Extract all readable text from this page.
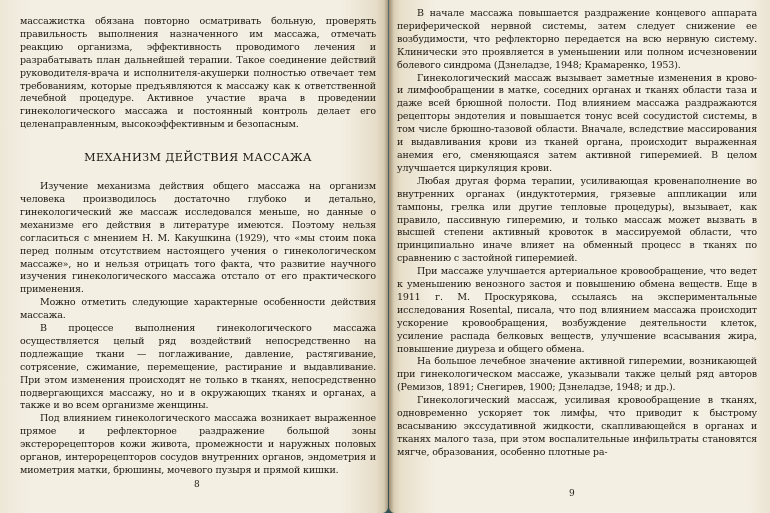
массажистка обязана повторно осматривать больную, проверять правильность выполнения назначенного им массажа, отмечать реакцию организма, эффективность проводимого лечения и разрабатывать план дальнейшей терапии. Такое соединение действий руководителя-врача и исполнителя-акушерки полностью отвечает тем требованиям, которые предъявляются к массажу как к ответственной лечебной процедуре. Активное участие врача в проведении гинекологического массажа и постоянный контроль делает его целенаправленным, высокоэффективным и безопасным.

МЕХАНИЗМ ДЕЙСТВИЯ МАССАЖА

Изучение механизма действия общего массажа на организм человека производилось достаточно глубоко и детально, гинекологический же массаж исследовался меньше, но данные о механизме его действия в литературе имеются. Поэтому нельзя согласиться с мнением Н. М. Какушкина (1929), что «мы стоим пока перед полным отсутствием настоящего учения о гинекологическом массаже», но и нельзя отрицать того факта, что развитие научного изучения гинекологического массажа отстало от его практического применения.

Можно отметить следующие характерные особенности действия массажа.

В процессе выполнения гинекологического массажа осуществляется целый ряд воздействий непосредственно на подлежащие ткани — поглаживание, давление, растягивание, сотрясение, сжимание, перемещение, растирание и выдавливание. При этом изменения происходят не только в тканях, непосредственно подвергающихся массажу, но и в окружающих тканях и органах, а также и во всем организме женщины.

Под влиянием гинекологического массажа возникает выраженное прямое и рефлекторное раздражение большой зоны экстерорецепторов кожи живота, промежности и наружных половых органов, интерорецепторов сосудов внутренних органов, эндометрия и миометрия матки, брюшины, мочевого пузыря и прямой кишки.

8

В начале массажа повышается раздражение концевого аппарата периферической нервной системы, затем следует снижение ее возбудимости, что рефлекторно передается на всю нервную систему. Клинически это проявляется в уменьшении или полном исчезновении болевого синдрома (Дзнеладзе, 1948; Крамаренко, 1953).

Гинекологический массаж вызывает заметные изменения в крово- и лимфообращении в матке, соседних органах и тканях области таза и даже всей брюшной полости. Под влиянием массажа раздражаются рецепторы эндотелия и повышается тонус всей сосудистой системы, в том числе брюшно-тазовой области. Вначале, вследствие массирования и выдавливания крови из тканей органа, происходит выраженная анемия его, сменяющаяся затем активной гиперемией. В целом улучшается циркуляция крови.

Любая другая форма терапии, усиливающая кровенаполнение во внутренних органах (индуктотермия, грязевые аппликации или тампоны, грелка или другие тепловые процедуры), вызывает, как правило, пассивную гиперемию, и только массаж может вызвать в высшей степени активный кровоток в массируемой области, что принципиально иначе влияет на обменный процесс в тканях по сравнению с застойной гиперемией.

При массаже улучшается артериальное кровообращение, что ведет к уменьшению венозного застоя и повышению обмена веществ. Еще в 1911 г. М. Проскурякова, ссылаясь на экспериментальные исследования Rosental, писала, что под влиянием массажа происходит ускорение кровообращения, возбуждение деятельности клеток, усиление распада белковых веществ, улучшение всасывания жира, повышение диуреза и общего обмена.

На большое лечебное значение активной гиперемии, возникающей при гинекологическом массаже, указывали также целый ряд авторов (Ремизов, 1891; Снегирев, 1900; Дзнеладзе, 1948; и др.).

Гинекологический массаж, усиливая кровообращение в тканях, одновременно ускоряет ток лимфы, что приводит к быстрому всасыванию экссудативной жидкости, скапливающейся в органах и тканях малого таза, при этом воспалительные инфильтраты становятся мягче, образования, особенно плотные ра-

9
